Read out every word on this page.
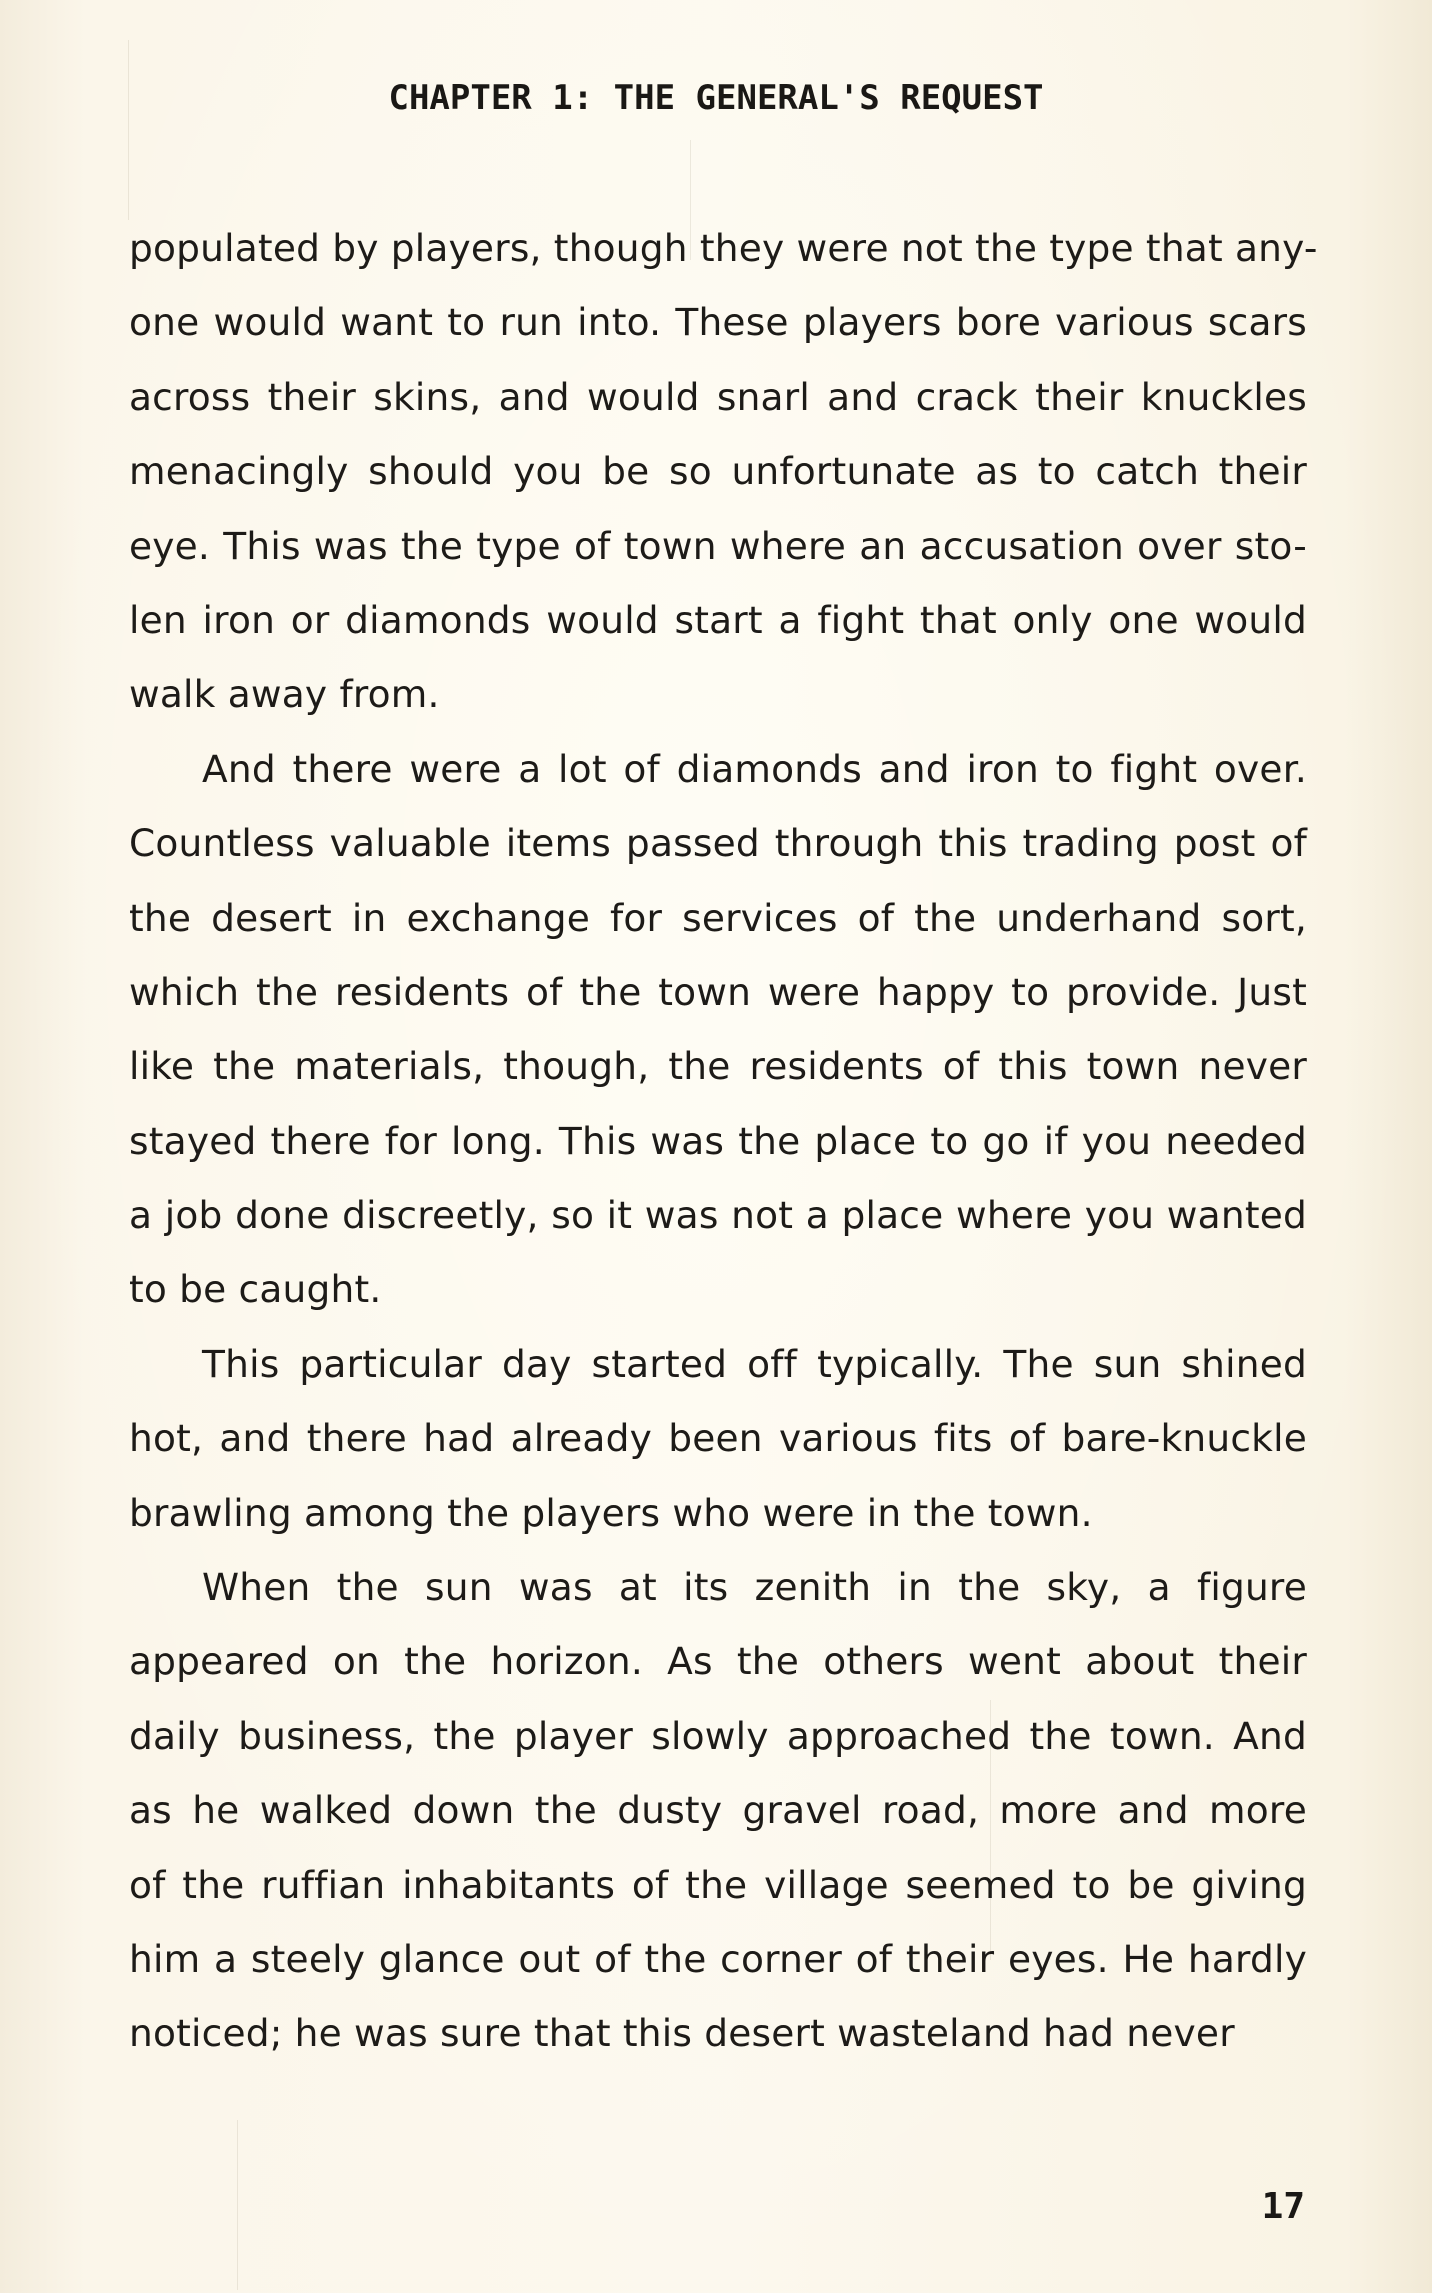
CHAPTER 1: THE GENERAL'S REQUEST
populated by players, though they were not the type that any-
one would want to run into. These players bore various scars
across their skins, and would snarl and crack their knuckles
menacingly should you be so unfortunate as to catch their
eye. This was the type of town where an accusation over sto-
len iron or diamonds would start a fight that only one would
walk away from.
And there were a lot of diamonds and iron to fight over.
Countless valuable items passed through this trading post of
the desert in exchange for services of the underhand sort,
which the residents of the town were happy to provide. Just
like the materials, though, the residents of this town never
stayed there for long. This was the place to go if you needed
a job done discreetly, so it was not a place where you wanted
to be caught.
This particular day started off typically. The sun shined
hot, and there had already been various fits of bare-knuckle
brawling among the players who were in the town.
When the sun was at its zenith in the sky, a figure
appeared on the horizon. As the others went about their
daily business, the player slowly approached the town. And
as he walked down the dusty gravel road, more and more
of the ruffian inhabitants of the village seemed to be giving
him a steely glance out of the corner of their eyes. He hardly
noticed; he was sure that this desert wasteland had never
17
